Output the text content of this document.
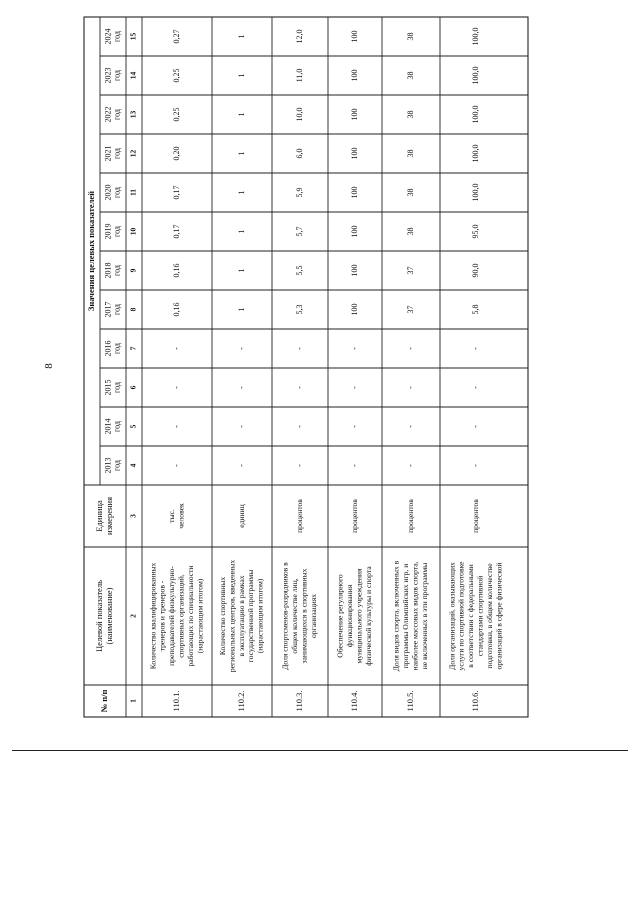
8
№ п/п
Целевой показатель (наименование)
Единица измерения
Значения целевых показателей
2013 год
2014 год
2015 год
2016 год
2017 год
2018 год
2019 год
2020 год
2021 год
2022 год
2023 год
2024 год
1
2
3
4
5
6
7
8
9
10
11
12
13
14
15
110.1.
Количество квалифицированных тренеров и тренеров - преподавателей физкультурно- спортивных организаций, работающих по специальности (нарастающим итогом)
тыс. человек
-
-
-
-
0,16
0,16
0,17
0,17
0,20
0,25
0,25
0,27
110.2.
Количество спортивных региональных центров, введенных в эксплуатацию в рамках государственной программы (нарастающим итогом)
единиц
-
-
-
-
1
1
1
1
1
1
1
1
110.3.
Доля спортсменов-разрядников в общем количестве лиц, занимающихся в спортивных организациях
процентов
-
-
-
-
5,3
5,5
5,7
5,9
6,0
10,0
11,0
12,0
110.4.
Обеспечение регулярного функционирования муниципального учреждения физической культуры и спорта
процентов
-
-
-
-
100
100
100
100
100
100
100
100
110.5.
Доля видов спорта, включенных в программы Олимпийских игр, и наиболее массовых видов спорта, не включенных в эти программы
процентов
-
-
-
-
37
37
38
38
38
38
38
38
110.6.
Доля организаций, оказывающих услуги по спортивной подготовке в соответствии с федеральными стандартами спортивной подготовки, в общем количестве организаций в сфере физической
процентов
-
-
-
-
5,8
90,0
95,0
100,0
100,0
100,0
100,0
100,0
